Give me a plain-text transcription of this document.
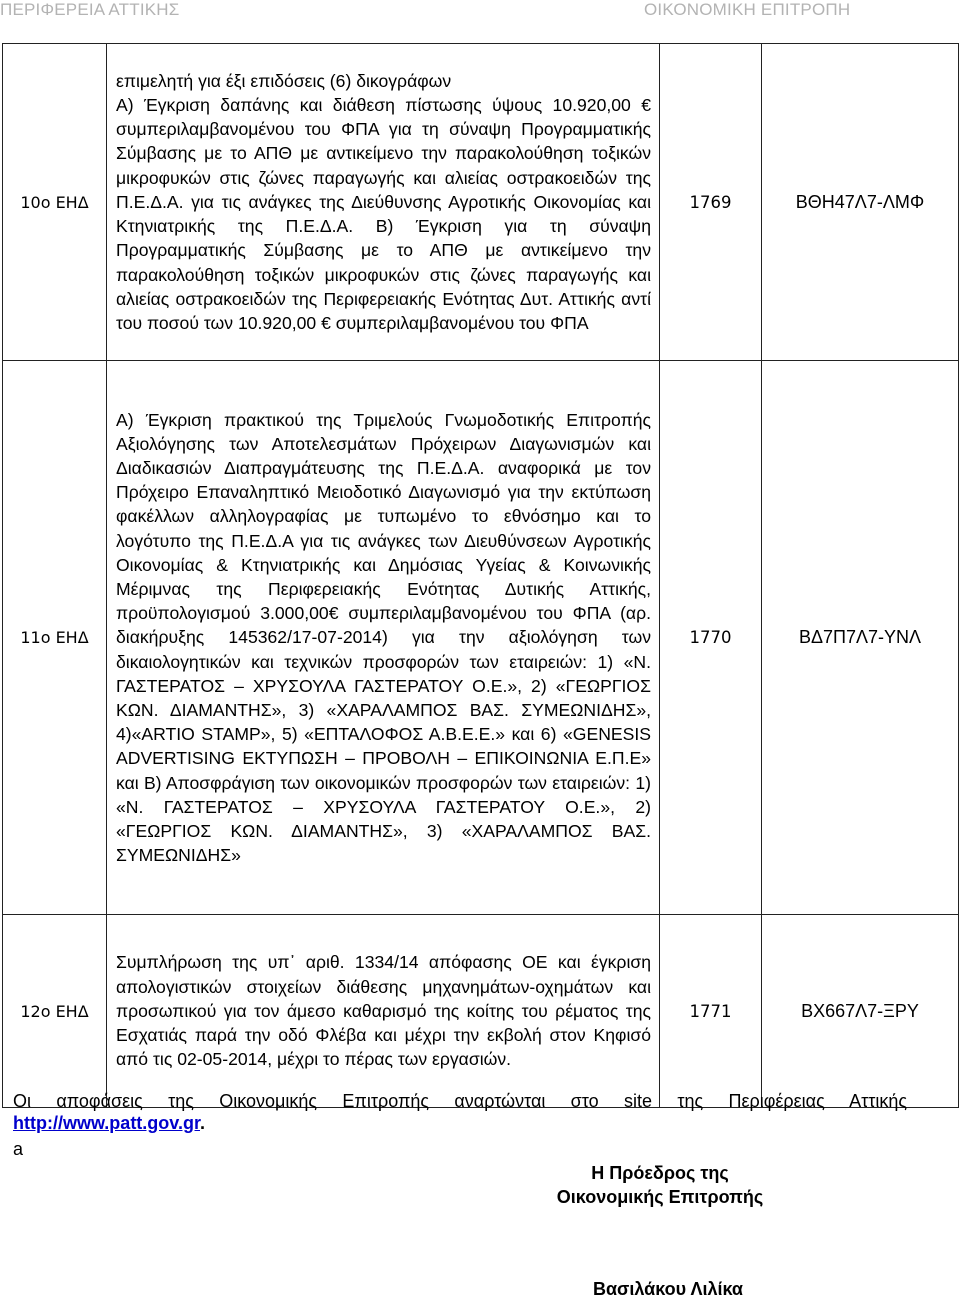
ΠΕΡΙΦΕΡΕΙΑ ΑΤΤΙΚΗΣ	ΟΙΚΟΝΟΜΙΚΗ ΕΠΙΤΡΟΠΗ
10ο ΕΗΔ	επιμελητή για έξι επιδόσεις (6) δικογράφων

Α) Έγκριση δαπάνης και διάθεση πίστωσης ύψους 10.920,00 € συμπεριλαμβανομένου του ΦΠΑ για τη σύναψη Προγραμματικής Σύμβασης με το ΑΠΘ με αντικείμενο την παρακολούθηση τοξικών μικροφυκών στις ζώνες παραγωγής και αλιείας οστρακοειδών της Π.Ε.Δ.Α. για τις ανάγκες της Διεύθυνσης Αγροτικής Οικονομίας και Κτηνιατρικής της Π.Ε.Δ.Α. Β) Έγκριση για τη σύναψη Προγραμματικής Σύμβασης με το ΑΠΘ με αντικείμενο την παρακολούθηση τοξικών μικροφυκών στις ζώνες παραγωγής και αλιείας οστρακοειδών της Περιφερειακής Ενότητας Δυτ. Αττικής αντί του ποσού των 10.920,00 € συμπεριλαμβανομένου του ΦΠΑ	1769	ΒΘΗ47Λ7-ΛΜΦ
11ο ΕΗΔ	Α) Έγκριση πρακτικού της Τριμελούς Γνωμοδοτικής Επιτροπής Αξιολόγησης των Αποτελεσμάτων Πρόχειρων Διαγωνισμών και Διαδικασιών Διαπραγμάτευσης της Π.Ε.Δ.Α. αναφορικά με τον Πρόχειρο Επαναληπτικό Μειοδοτικό Διαγωνισμό για την εκτύπωση φακέλλων αλληλογραφίας με τυπωμένο το εθνόσημο και το λογότυπο της Π.Ε.Δ.Α για τις ανάγκες των Διευθύνσεων Αγροτικής Οικονομίας & Κτηνιατρικής και Δημόσιας Υγείας & Κοινωνικής Μέριμνας της Περιφερειακής Ενότητας Δυτικής Αττικής, προϋπολογισμού 3.000,00€ συμπεριλαμβανομένου του ΦΠΑ (αρ. διακήρυξης 145362/17-07-2014) για την αξιολόγηση των δικαιολογητικών και τεχνικών προσφορών των εταιρειών: 1) «Ν. ΓΑΣΤΕΡΑΤΟΣ – ΧΡΥΣΟΥΛΑ ΓΑΣΤΕΡΑΤΟΥ Ο.Ε.», 2) «ΓΕΩΡΓΙΟΣ ΚΩΝ. ΔΙΑΜΑΝΤΗΣ», 3) «ΧΑΡΑΛΑΜΠΟΣ ΒΑΣ. ΣΥΜΕΩΝΙΔΗΣ», 4)«ARTIO STAMP», 5) «ΕΠΤΑΛΟΦΟΣ Α.Β.Ε.Ε.» και 6) «GENESIS ADVERTISING ΕΚΤΥΠΩΣΗ – ΠΡΟΒΟΛΗ – ΕΠΙΚΟΙΝΩΝΙΑ Ε.Π.Ε» και Β) Αποσφράγιση των οικονομικών προσφορών των εταιρειών: 1) «Ν. ΓΑΣΤΕΡΑΤΟΣ – ΧΡΥΣΟΥΛΑ ΓΑΣΤΕΡΑΤΟΥ Ο.Ε.», 2) «ΓΕΩΡΓΙΟΣ ΚΩΝ. ΔΙΑΜΑΝΤΗΣ», 3) «ΧΑΡΑΛΑΜΠΟΣ ΒΑΣ. ΣΥΜΕΩΝΙΔΗΣ»	1770	ΒΔ7Π7Λ7-ΥΝΛ
12ο ΕΗΔ	Συμπλήρωση της υπ᾽ αριθ. 1334/14 απόφασης ΟΕ και έγκριση απολογιστικών στοιχείων διάθεσης μηχανημάτων-οχημάτων και προσωπικού για τον άμεσο καθαρισμό της κοίτης του ρέματος της Εσχατιάς παρά την οδό Φλέβα και μέχρι την εκβολή στον Κηφισό από τις 02-05-2014, μέχρι το πέρας των εργασιών.	1771	ΒΧ667Λ7-ΞΡΥ
Οι αποφάσεις της Οικονομικής Επιτροπής αναρτώνται στο site της Περιφέρειας Αττικής
http://www.patt.gov.gr.
a
Η Πρόεδρος της
Οικονομικής Επιτροπής
Βασιλάκου Λιλίκα
